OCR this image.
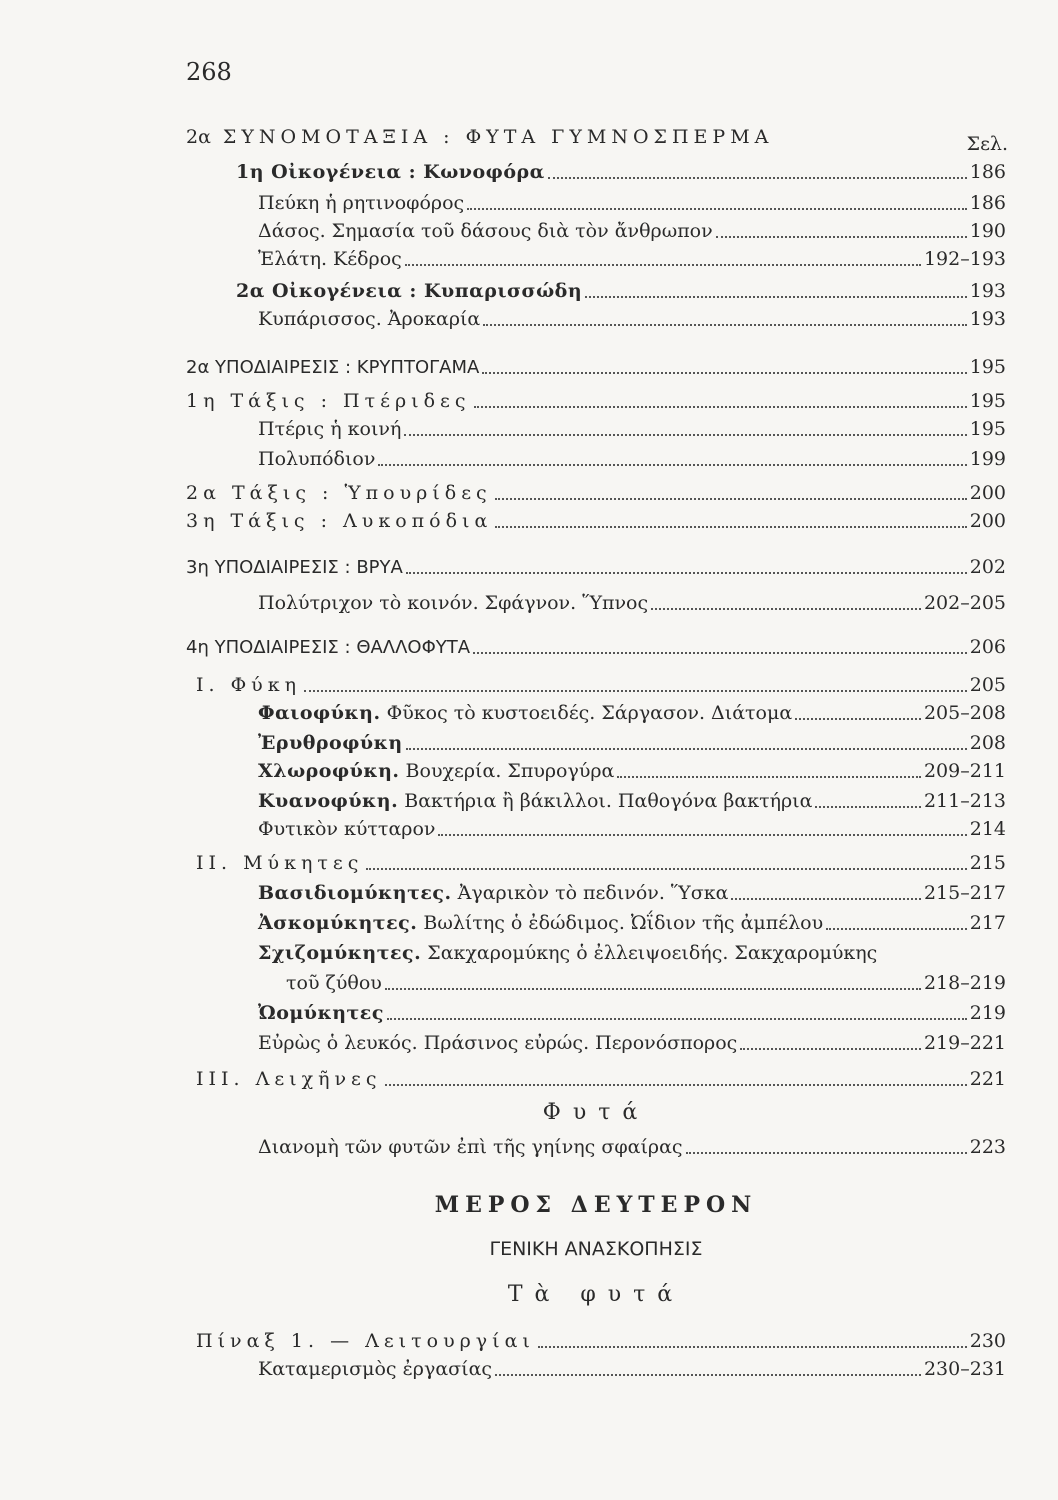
268
2α ΣΥΝΟΜΟΤΑΞΙΑ : ΦΥΤΑ ΓΥΜΝΟΣΠΕΡΜΑ	Σελ.
1η Οἰκογένεια : Κωνοφόρα	186
Πεύκη ἡ ρητινοφόρος	186
Δάσος. Σημασία τοῦ δάσους διὰ τὸν ἄνθρωπον	190
Ἐλάτη. Κέδρος	192–193
2α Οἰκογένεια : Κυπαρισσώδη	193
Κυπάρισσος. Ἀροκαρία	193
2α ΥΠΟΔΙΑΙΡΕΣΙΣ : ΚΡΥΠΤΟΓΑΜΑ	195
1η Τάξις : Πτέριδες	195
Πτέρις ἡ κοινή	195
Πολυπόδιον	199
2α Τάξις : Ὑπουρίδες	200
3η Τάξις : Λυκοπόδια	200
3η ΥΠΟΔΙΑΙΡΕΣΙΣ : ΒΡΥΑ	202
Πολύτριχον τὸ κοινόν. Σφάγνον. Ὕπνος	202–205
4η ΥΠΟΔΙΑΙΡΕΣΙΣ : ΘΑΛΛΟΦΥΤΑ	206
Ι. Φύκη	205
Φαιοφύκη. Φῦκος τὸ κυστοειδές. Σάργασον. Διάτομα	205–208
Ἐρυθροφύκη	208
Χλωροφύκη. Βουχερία. Σπυρογύρα	209–211
Κυανοφύκη. Βακτήρια ἢ βάκιλλοι. Παθογόνα βακτήρια	211–213
Φυτικὸν κύτταρον	214
ΙΙ. Μύκητες	215
Βασιδιομύκητες. Ἀγαρικὸν τὸ πεδινόν. Ὕσκα	215–217
Ἀσκομύκητες. Βωλίτης ὁ ἐδώδιμος. Ὠΐδιον τῆς ἀμπέλου	217
Σχιζομύκητες. Σακχαρομύκης ὁ ἐλλειψοειδής. Σακχαρομύκης
τοῦ ζύθου	218–219
Ὠομύκητες	219
Εὐρὼς ὁ λευκός. Πράσινος εὐρώς. Περονόσπορος	219–221
ΙΙΙ. Λειχῆνες	221
Φυτά
Διανομὴ τῶν φυτῶν ἐπὶ τῆς γηίνης σφαίρας	223
ΜΕΡΟΣ ΔΕΥΤΕΡΟΝ
ΓΕΝΙΚΗ ΑΝΑΣΚΟΠΗΣΙΣ
Τὰ φυτά
Πίναξ 1. — Λειτουργίαι	230
Καταμερισμὸς ἐργασίας	230–231
